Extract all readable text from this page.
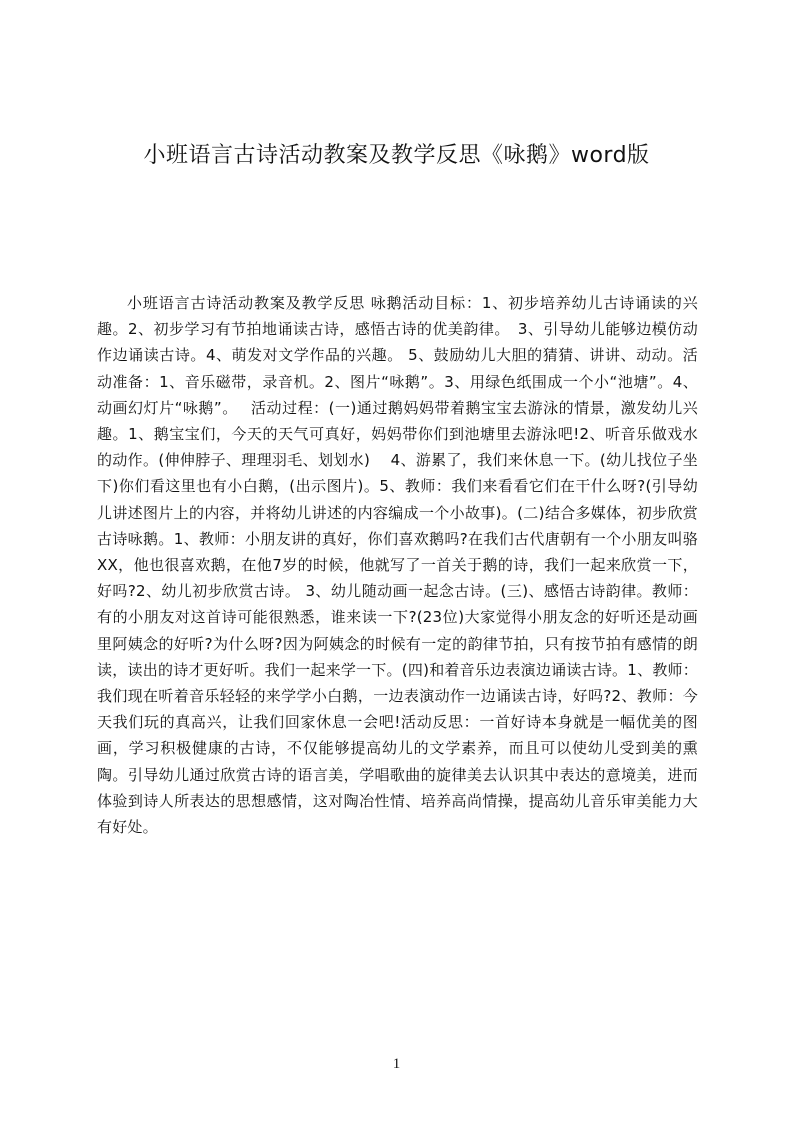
小班语言古诗活动教案及教学反思《咏鹅》word版
小班语言古诗活动教案及教学反思 咏鹅活动目标：1、初步培养幼儿古诗诵读的兴趣。2、初步学习有节拍地诵读古诗，感悟古诗的优美韵律。　3、引导幼儿能够边模仿动作边诵读古诗。4、萌发对文学作品的兴趣。 5、鼓励幼儿大胆的猜猜、讲讲、动动。活动准备：1、音乐磁带，录音机。2、图片“咏鹅”。3、用绿色纸围成一个小“池塘”。4、动画幻灯片“咏鹅”。　 活动过程：(一)通过鹅妈妈带着鹅宝宝去游泳的情景，激发幼儿兴趣。1、鹅宝宝们，今天的天气可真好，妈妈带你们到池塘里去游泳吧!2、听音乐做戏水的动作。(伸伸脖子、理理羽毛、划划水)　 4、游累了，我们来休息一下。(幼儿找位子坐下)你们看这里也有小白鹅，(出示图片)。5、教师：我们来看看它们在干什么呀?(引导幼儿讲述图片上的内容，并将幼儿讲述的内容编成一个小故事)。(二)结合多媒体，初步欣赏古诗咏鹅。1、教师：小朋友讲的真好，你们喜欢鹅吗?在我们古代唐朝有一个小朋友叫骆XX，他也很喜欢鹅，在他7岁的时候，他就写了一首关于鹅的诗，我们一起来欣赏一下，好吗?2、幼儿初步欣赏古诗。 3、幼儿随动画一起念古诗。(三)、感悟古诗韵律。教师：有的小朋友对这首诗可能很熟悉，谁来读一下?(23位)大家觉得小朋友念的好听还是动画里阿姨念的好听?为什么呀?因为阿姨念的时候有一定的韵律节拍，只有按节拍有感情的朗读，读出的诗才更好听。我们一起来学一下。(四)和着音乐边表演边诵读古诗。1、教师：我们现在听着音乐轻轻的来学学小白鹅，一边表演动作一边诵读古诗，好吗?2、教师：今天我们玩的真高兴，让我们回家休息一会吧!活动反思：一首好诗本身就是一幅优美的图画，学习积极健康的古诗，不仅能够提高幼儿的文学素养，而且可以使幼儿受到美的熏陶。引导幼儿通过欣赏古诗的语言美，学唱歌曲的旋律美去认识其中表达的意境美，进而体验到诗人所表达的思想感情，这对陶冶性情、培养高尚情操，提高幼儿音乐审美能力大有好处。
1
